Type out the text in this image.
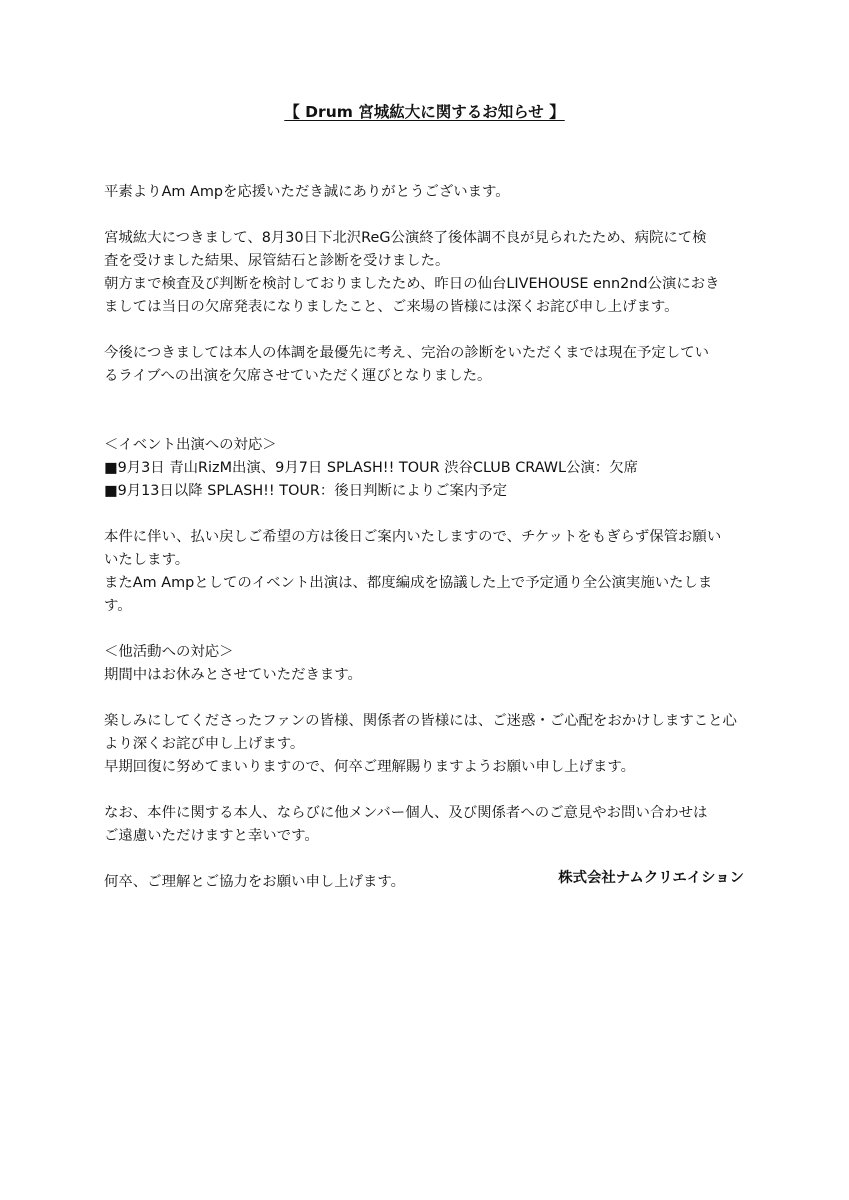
【 Drum 宮城紘大に関するお知らせ 】
平素よりAm Ampを応援いただき誠にありがとうございます。
宮城紘大につきまして、8月30日下北沢ReG公演終了後体調不良が見られたため、病院にて検
査を受けました結果、尿管結石と診断を受けました。
朝方まで検査及び判断を検討しておりましたため、昨日の仙台LIVEHOUSE enn2nd公演におき
ましては当日の欠席発表になりましたこと、ご来場の皆様には深くお詫び申し上げます。
今後につきましては本人の体調を最優先に考え、完治の診断をいただくまでは現在予定してい
るライブへの出演を欠席させていただく運びとなりました。
＜イベント出演への対応＞
■9月3日 青山RizM出演、9月7日 SPLASH!! TOUR 渋谷CLUB CRAWL公演：欠席
■9月13日以降 SPLASH!! TOUR：後日判断によりご案内予定
本件に伴い、払い戻しご希望の方は後日ご案内いたしますので、チケットをもぎらず保管お願い
いたします。
またAm Ampとしてのイベント出演は、都度編成を協議した上で予定通り全公演実施いたしま
す。
＜他活動への対応＞
期間中はお休みとさせていただきます。
楽しみにしてくださったファンの皆様、関係者の皆様には、ご迷惑・ご心配をおかけしますこと心
より深くお詫び申し上げます。
早期回復に努めてまいりますので、何卒ご理解賜りますようお願い申し上げます。
なお、本件に関する本人、ならびに他メンバー個人、及び関係者へのご意見やお問い合わせは
ご遠慮いただけますと幸いです。
何卒、ご理解とご協力をお願い申し上げます。	株式会社ナムクリエイション
